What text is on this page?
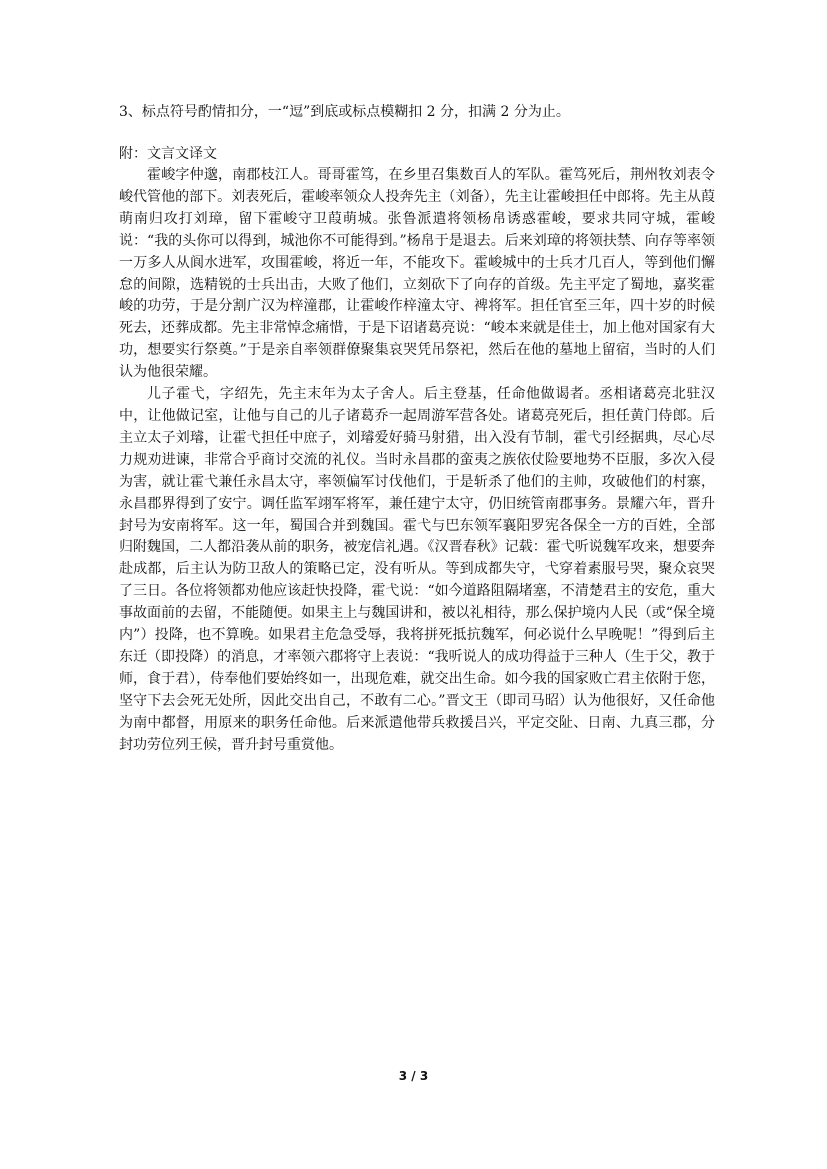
3、标点符号酌情扣分，一“逗”到底或标点模糊扣 2 分，扣满 2 分为止。

附：文言文译文

霍峻字仲邈，南郡枝江人。哥哥霍笃，在乡里召集数百人的军队。霍笃死后，荆州牧刘表令峻代管他的部下。刘表死后，霍峻率领众人投奔先主（刘备），先主让霍峻担任中郎将。先主从葭萌南归攻打刘璋，留下霍峻守卫葭萌城。张鲁派遣将领杨帛诱惑霍峻，要求共同守城，霍峻说：“我的头你可以得到，城池你不可能得到。”杨帛于是退去。后来刘璋的将领扶禁、向存等率领一万多人从阆水进军，攻围霍峻，将近一年，不能攻下。霍峻城中的士兵才几百人，等到他们懈怠的间隙，选精锐的士兵出击，大败了他们，立刻砍下了向存的首级。先主平定了蜀地，嘉奖霍峻的功劳，于是分割广汉为梓潼郡，让霍峻作梓潼太守、裨将军。担任官至三年，四十岁的时候死去，还葬成都。先主非常悼念痛惜，于是下诏诸葛亮说：“峻本来就是佳士，加上他对国家有大功，想要实行祭奠。”于是亲自率领群僚聚集哀哭凭吊祭祀，然后在他的墓地上留宿，当时的人们认为他很荣耀。

儿子霍弋，字绍先，先主末年为太子舍人。后主登基，任命他做谒者。丞相诸葛亮北驻汉中，让他做记室，让他与自己的儿子诸葛乔一起周游军营各处。诸葛亮死后，担任黄门侍郎。后主立太子刘璿，让霍弋担任中庶子，刘璿爱好骑马射猎，出入没有节制，霍弋引经据典，尽心尽力规劝进谏，非常合乎商讨交流的礼仪。当时永昌郡的蛮夷之族依仗险要地势不臣服，多次入侵为害，就让霍弋兼任永昌太守，率领偏军讨伐他们，于是斩杀了他们的主帅，攻破他们的村寨，永昌郡界得到了安宁。调任监军翊军将军，兼任建宁太守，仍旧统管南郡事务。景耀六年，晋升封号为安南将军。这一年，蜀国合并到魏国。霍弋与巴东领军襄阳罗宪各保全一方的百姓，全部归附魏国，二人都沿袭从前的职务，被宠信礼遇。《汉晋春秋》记载：霍弋听说魏军攻来，想要奔赴成都，后主认为防卫敌人的策略已定，没有听从。等到成都失守，弋穿着素服号哭，聚众哀哭了三日。各位将领都劝他应该赶快投降，霍弋说：“如今道路阻隔堵塞，不清楚君主的安危，重大事故面前的去留，不能随便。如果主上与魏国讲和，被以礼相待，那么保护境内人民（或“保全境内”）投降，也不算晚。如果君主危急受辱，我将拼死抵抗魏军，何必说什么早晚呢！”得到后主东迁（即投降）的消息，才率领六郡将守上表说：“我听说人的成功得益于三种人（生于父，教于师，食于君），侍奉他们要始终如一，出现危难，就交出生命。如今我的国家败亡君主依附于您，坚守下去会死无处所，因此交出自己，不敢有二心。”晋文王（即司马昭）认为他很好，又任命他为南中都督，用原来的职务任命他。后来派遣他带兵救援吕兴，平定交阯、日南、九真三郡，分封功劳位列王候，晋升封号重赏他。

3 / 3
